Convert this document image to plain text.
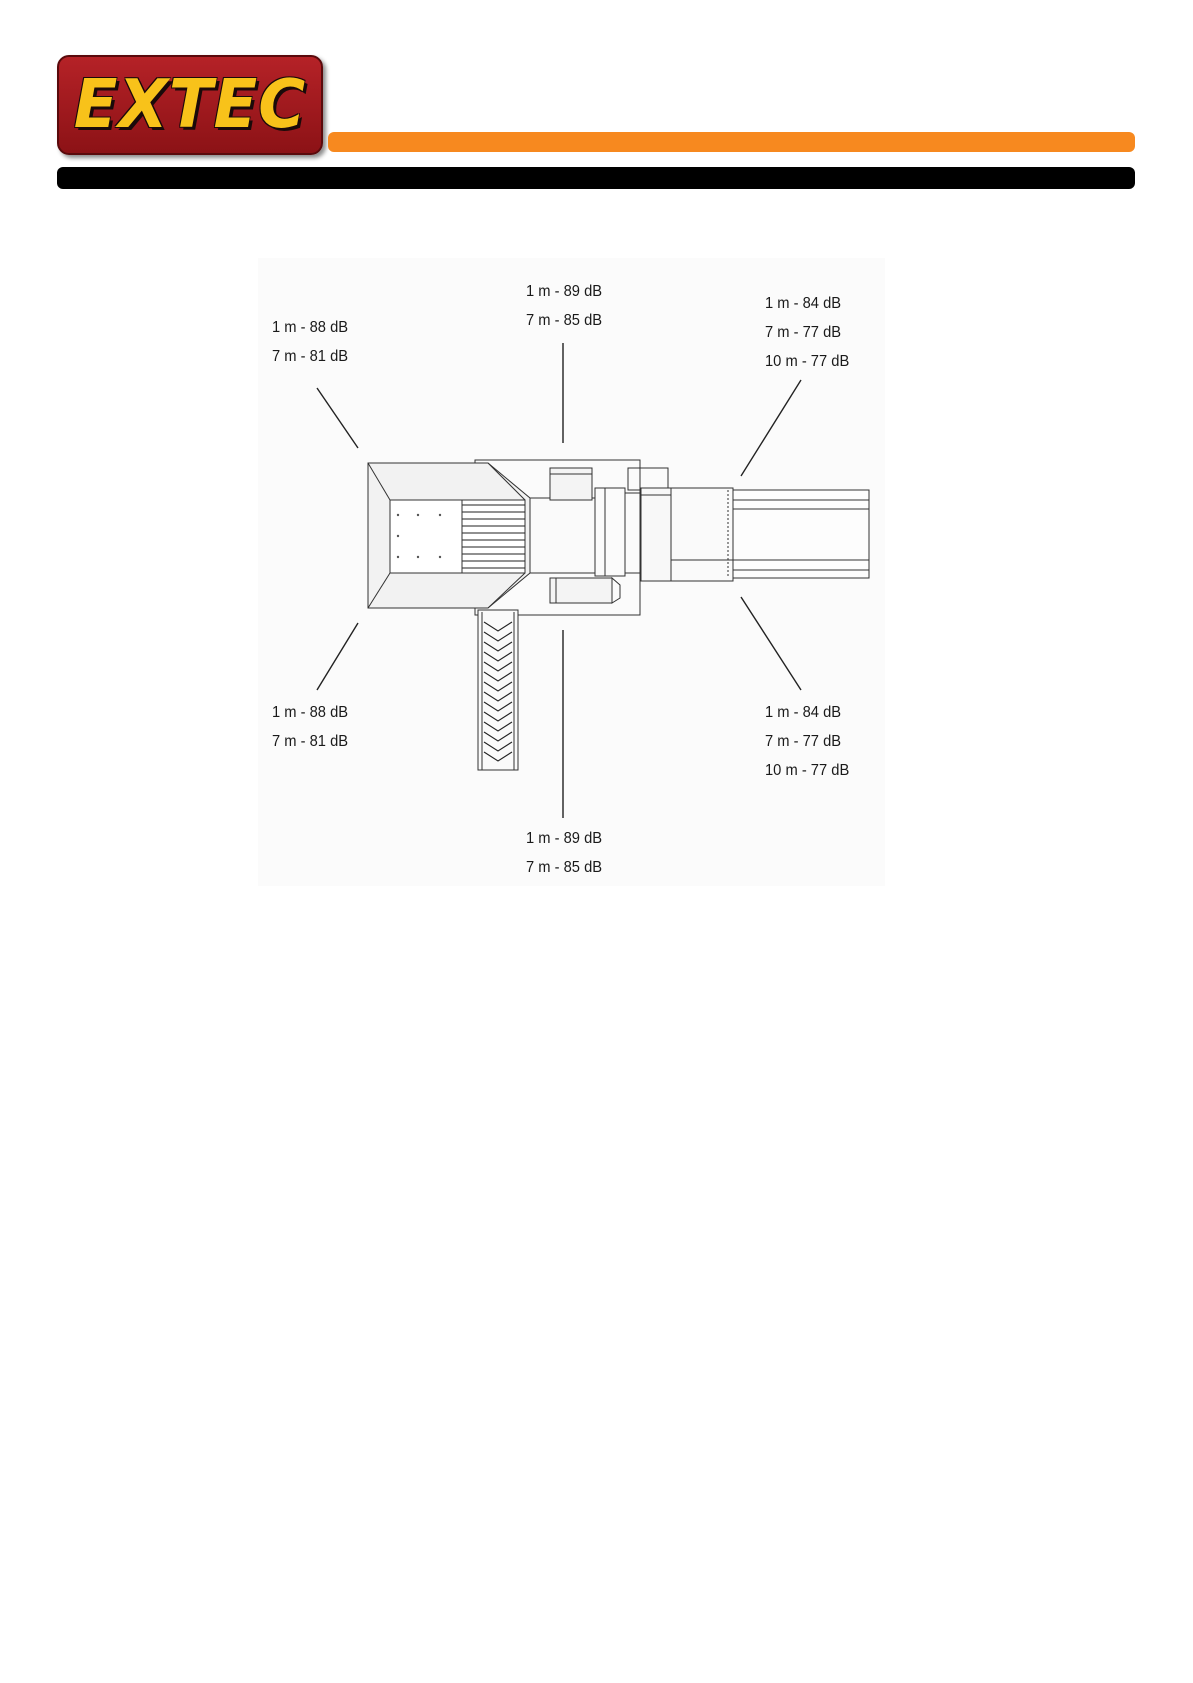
EXTEC
1 m - 88 dB
7 m - 81 dB
1 m - 89 dB
7 m - 85 dB
1 m - 84 dB
7 m - 77 dB
10 m - 77 dB
1 m - 88 dB
7 m - 81 dB
1 m - 89 dB
7 m - 85 dB
1 m - 84 dB
7 m - 77 dB
10 m - 77 dB
